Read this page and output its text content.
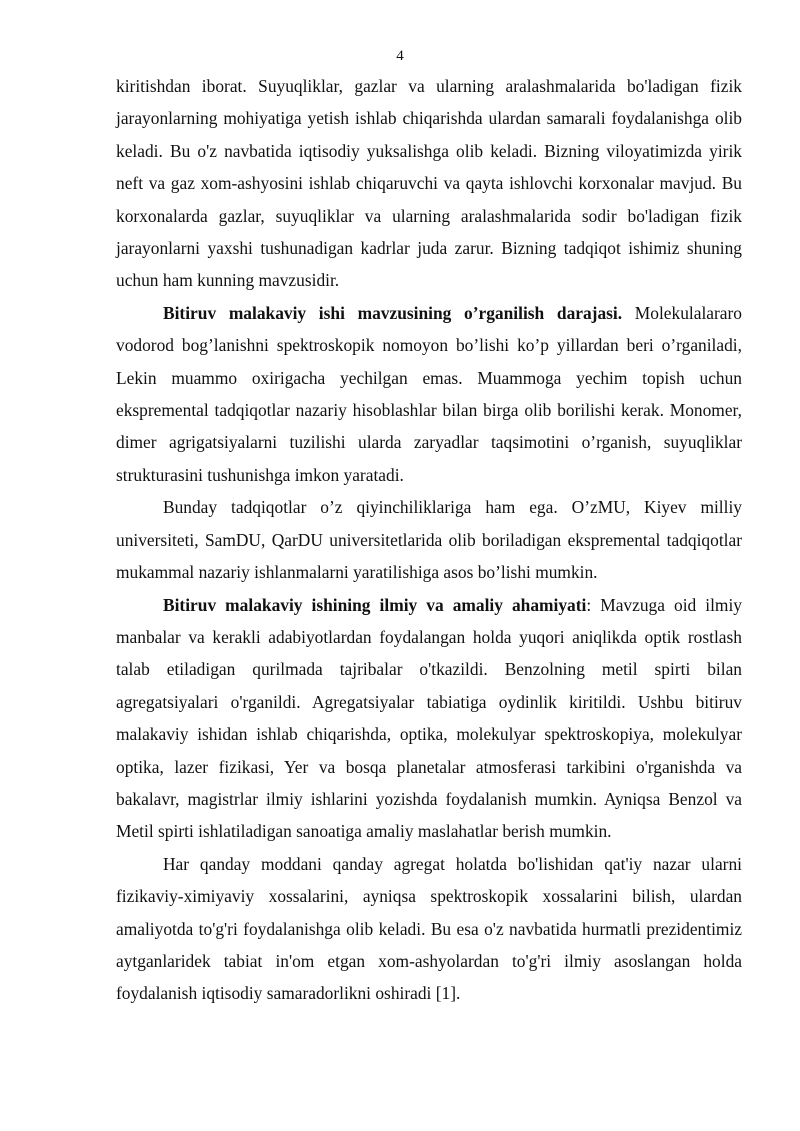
4

kiritishdan iborat. Suyuqliklar, gazlar va ularning aralashmalarida bo'ladigan fizik jarayonlarning mohiyatiga yetish ishlab chiqarishda ulardan samarali foydalanishga olib keladi. Bu o'z navbatida iqtisodiy yuksalishga olib keladi. Bizning viloyatimizda yirik neft va gaz xom-ashyosini ishlab chiqaruvchi va qayta ishlovchi korxonalar mavjud. Bu korxonalarda gazlar, suyuqliklar va ularning aralashmalarida sodir bo'ladigan fizik jarayonlarni yaxshi tushunadigan kadrlar juda zarur. Bizning tadqiqot ishimiz shuning uchun ham kunning mavzusidir.

Bitiruv malakaviy ishi mavzusining o’rganilish darajasi. Molekulalararo vodorod bog’lanishni spektroskopik nomoyon bo’lishi ko’p yillardan beri o’rganiladi, Lekin muammo oxirigacha yechilgan emas. Muammoga yechim topish uchun ekspremental tadqiqotlar nazariy hisoblashlar bilan birga olib borilishi kerak. Monomer, dimer agrigatsiyalarni tuzilishi ularda zaryadlar taqsimotini o’rganish, suyuqliklar strukturasini tushunishga imkon yaratadi.

Bunday tadqiqotlar o’z qiyinchiliklariga ham ega. O’zMU, Kiyev milliy universiteti, SamDU, QarDU universitetlarida olib boriladigan ekspremental tadqiqotlar mukammal nazariy ishlanmalarni yaratilishiga asos bo’lishi mumkin.

Bitiruv malakaviy ishining ilmiy va amaliy ahamiyati: Mavzuga oid ilmiy manbalar va kerakli adabiyotlardan foydalangan holda yuqori aniqlikda optik rostlash talab etiladigan qurilmada tajribalar o'tkazildi. Benzolning metil spirti bilan agregatsiyalari o'rganildi. Agregatsiyalar tabiatiga oydinlik kiritildi. Ushbu bitiruv malakaviy ishidan ishlab chiqarishda, optika, molekulyar spektroskopiya, molekulyar optika, lazer fizikasi, Yer va bosqa planetalar atmosferasi tarkibini o'rganishda va bakalavr, magistrlar ilmiy ishlarini yozishda foydalanish mumkin. Ayniqsa Benzol va Metil spirti ishlatiladigan sanoatiga amaliy maslahatlar berish mumkin.

Har qanday moddani qanday agregat holatda bo'lishidan qat'iy nazar ularni fizikaviy-ximiyaviy xossalarini, ayniqsa spektroskopik xossalarini bilish, ulardan amaliyotda to'g'ri foydalanishga olib keladi. Bu esa o'z navbatida hurmatli prezidentimiz aytganlaridek tabiat in'om etgan xom-ashyolardan to'g'ri ilmiy asoslangan holda foydalanish iqtisodiy samaradorlikni oshiradi [1].
